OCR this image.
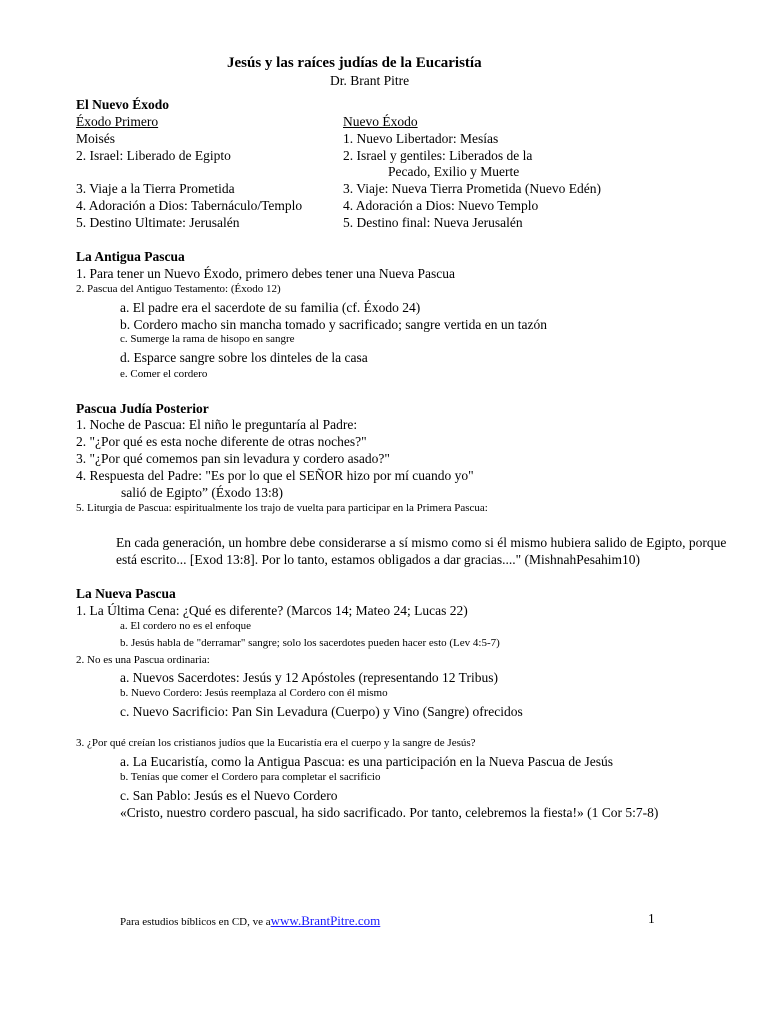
Jesús y las raíces judías de la Eucaristía
Dr. Brant Pitre
El Nuevo Éxodo
Éxodo Primero	Nuevo Éxodo
Moisés	1. Nuevo Libertador: Mesías
2. Israel: Liberado de Egipto	2. Israel y gentiles: Liberados de la
Pecado, Exilio y Muerte
3. Viaje a la Tierra Prometida	3. Viaje: Nueva Tierra Prometida (Nuevo Edén)
4. Adoración a Dios: Tabernáculo/Templo	4. Adoración a Dios: Nuevo Templo
5. Destino Ultimate: Jerusalén	5. Destino final: Nueva Jerusalén
La Antigua Pascua
1. Para tener un Nuevo Éxodo, primero debes tener una Nueva Pascua
2. Pascua del Antiguo Testamento: (Éxodo 12)
a. El padre era el sacerdote de su familia (cf. Éxodo 24)
b. Cordero macho sin mancha tomado y sacrificado; sangre vertida en un tazón
c. Sumerge la rama de hisopo en sangre
d. Esparce sangre sobre los dinteles de la casa
e. Comer el cordero
Pascua Judía Posterior
1. Noche de Pascua: El niño le preguntaría al Padre:
2. "¿Por qué es esta noche diferente de otras noches?"
3. "¿Por qué comemos pan sin levadura y cordero asado?"
4. Respuesta del Padre: "Es por lo que el SEÑOR hizo por mí cuando yo"
salió de Egipto” (Éxodo 13:8)
5. Liturgia de Pascua: espiritualmente los trajo de vuelta para participar en la Primera Pascua:
En cada generación, un hombre debe considerarse a sí mismo como si él mismo hubiera salido de Egipto, porque
está escrito... [Exod 13:8]. Por lo tanto, estamos obligados a dar gracias...." (MishnahPesahim10)
La Nueva Pascua
1. La Última Cena: ¿Qué es diferente? (Marcos 14; Mateo 24; Lucas 22)
a. El cordero no es el enfoque
b. Jesús habla de "derramar" sangre; solo los sacerdotes pueden hacer esto (Lev 4:5-7)
2. No es una Pascua ordinaria:
a. Nuevos Sacerdotes: Jesús y 12 Apóstoles (representando 12 Tribus)
b. Nuevo Cordero: Jesús reemplaza al Cordero con él mismo
c. Nuevo Sacrificio: Pan Sin Levadura (Cuerpo) y Vino (Sangre) ofrecidos
3. ¿Por qué creían los cristianos judíos que la Eucaristía era el cuerpo y la sangre de Jesús?
a. La Eucaristía, como la Antigua Pascua: es una participación en la Nueva Pascua de Jesús
b. Tenías que comer el Cordero para completar el sacrificio
c. San Pablo: Jesús es el Nuevo Cordero
«Cristo, nuestro cordero pascual, ha sido sacrificado. Por tanto, celebremos la fiesta!» (1 Cor 5:7-8)
Para estudios bíblicos en CD, ve awww.BrantPitre.com	1
